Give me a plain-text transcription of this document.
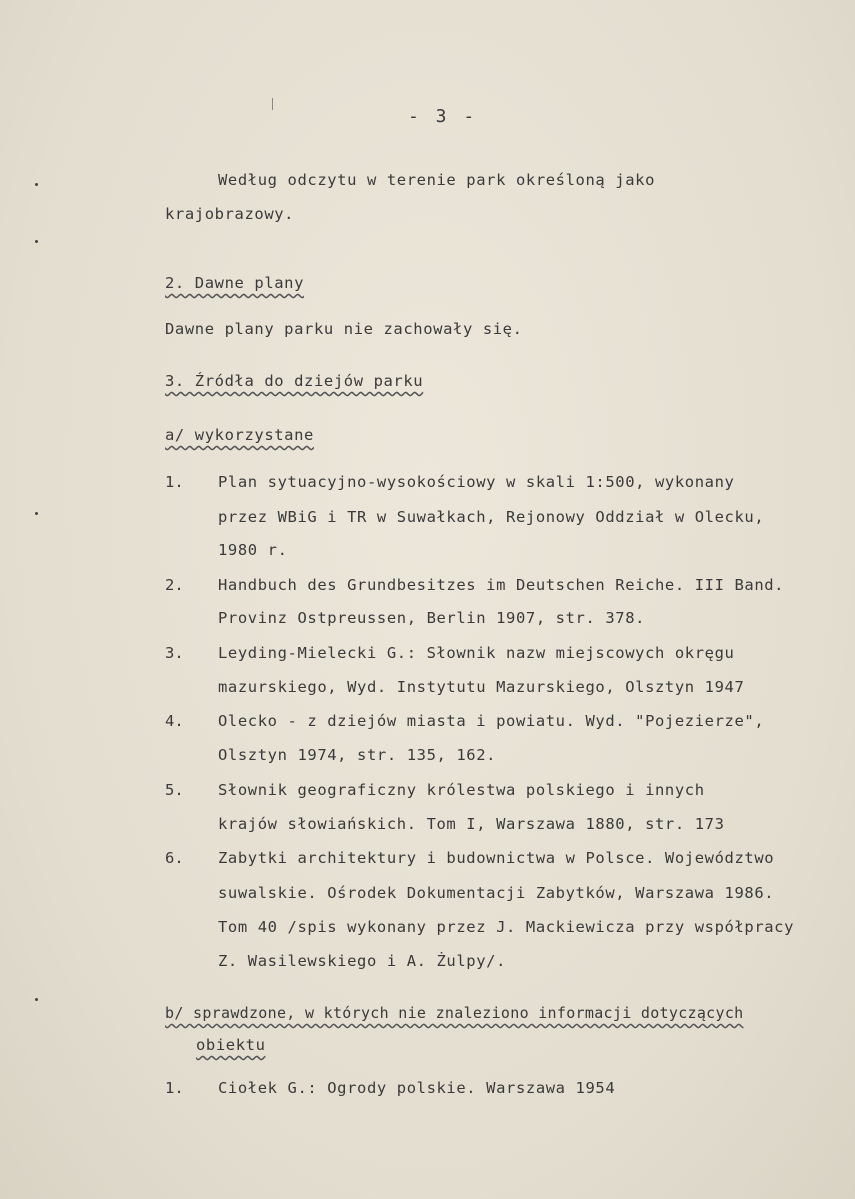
- 3 -
Według odczytu w terenie park określoną jako
krajobrazowy.
2. Dawne plany
Dawne plany parku nie zachowały się.
3. Źródła do dziejów parku
a/ wykorzystane
1. Plan sytuacyjno-wysokościowy w skali 1:500, wykonany
przez WBiG i TR w Suwałkach, Rejonowy Oddział w Olecku,
1980 r.
2. Handbuch des Grundbesitzes im Deutschen Reiche. III Band.
Provinz Ostpreussen, Berlin 1907, str. 378.
3. Leyding-Mielecki G.: Słownik nazw miejscowych okręgu
mazurskiego, Wyd. Instytutu Mazurskiego, Olsztyn 1947
4. Olecko - z dziejów miasta i powiatu. Wyd. "Pojezierze",
Olsztyn 1974, str. 135, 162.
5. Słownik geograficzny królestwa polskiego i innych
krajów słowiańskich. Tom I, Warszawa 1880, str. 173
6. Zabytki architektury i budownictwa w Polsce. Województwo
suwalskie. Ośrodek Dokumentacji Zabytków, Warszawa 1986.
Tom 40 /spis wykonany przez J. Mackiewicza przy współpracy
Z. Wasilewskiego i A. Żulpy/.
b/ sprawdzone, w których nie znaleziono informacji dotyczących
obiektu
1. Ciołek G.: Ogrody polskie. Warszawa 1954
